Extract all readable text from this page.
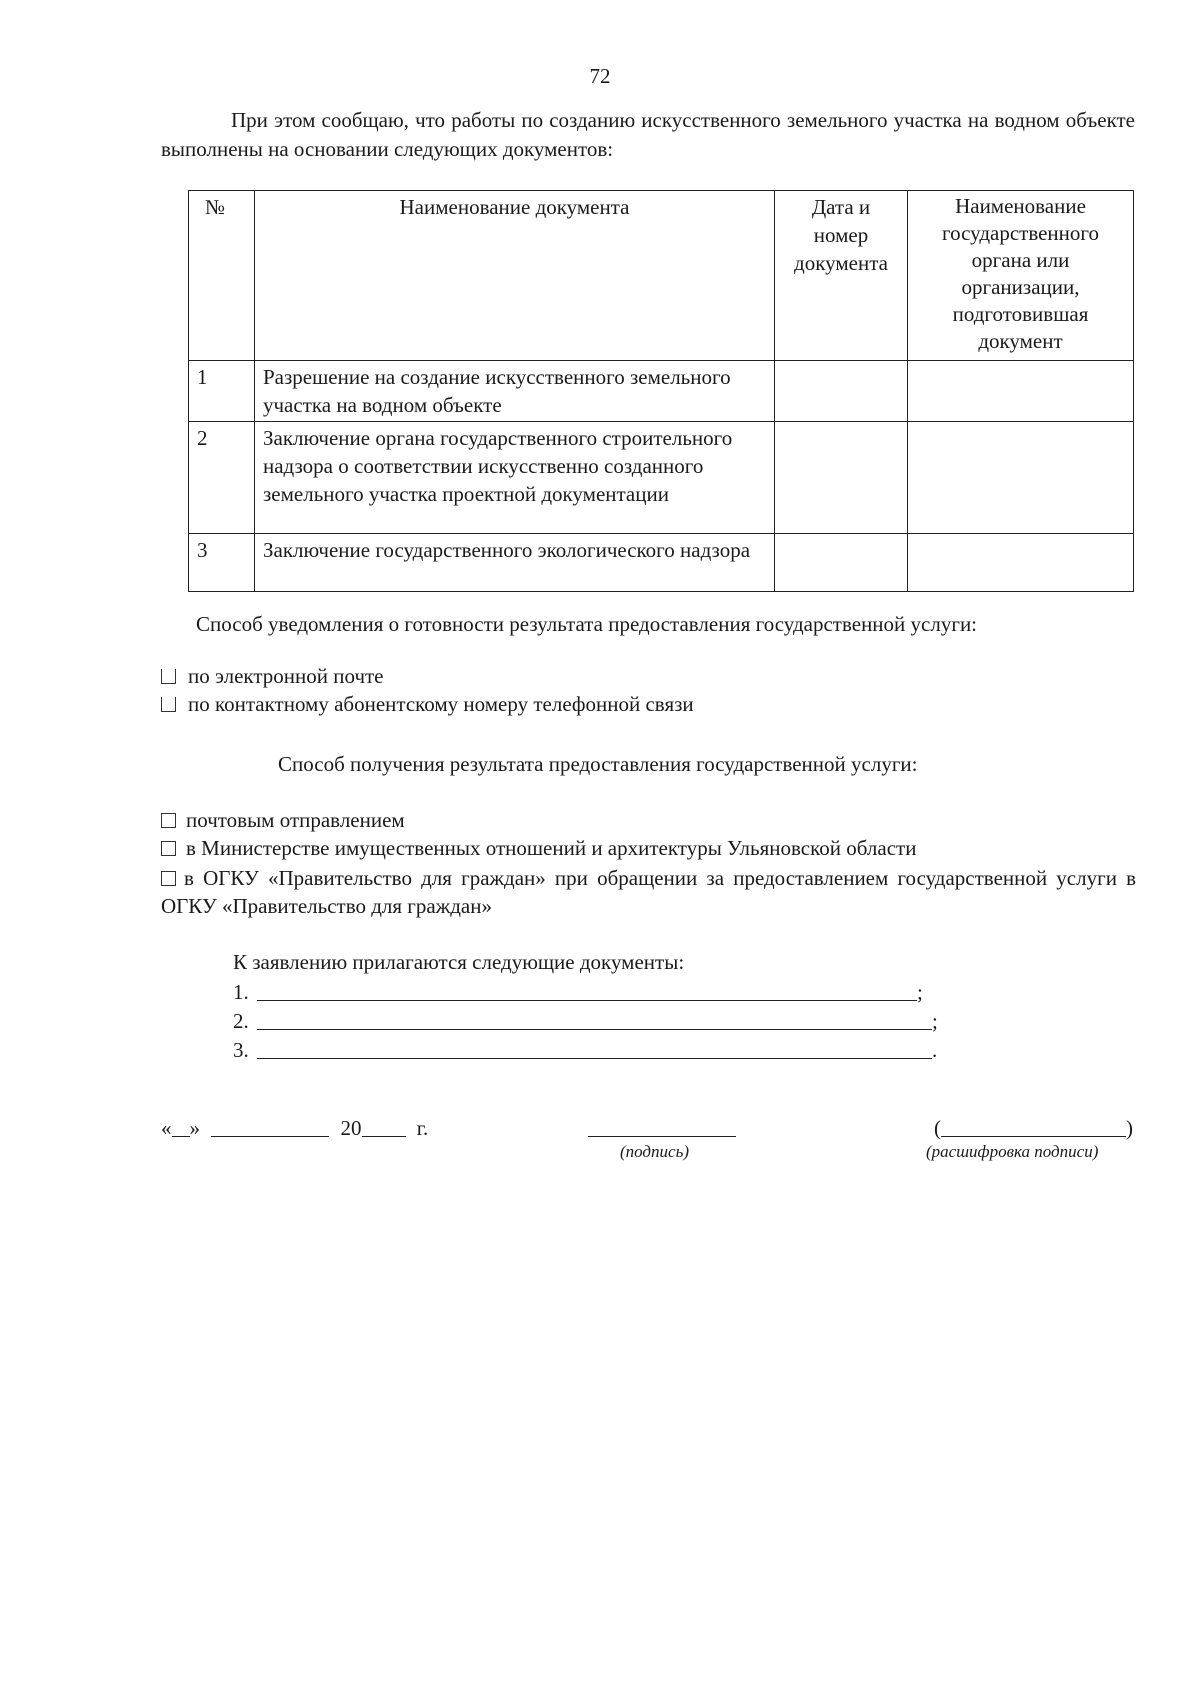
72
При этом сообщаю, что работы по созданию искусственного земельного участка на водном объекте выполнены на основании следующих документов:
№	Наименование документа	Дата и номер документа	Наименование государственного органа или организации, подготовившая документ
1	Разрешение на создание искусственного земельного участка на водном объекте		
2	Заключение органа государственного строительного надзора о соответствии искусственно созданного земельного участка проектной документации		
3	Заключение государственного экологического надзора		
Способ уведомления о готовности результата предоставления государственной услуги:
по электронной почте
по контактному абонентскому номеру телефонной связи
Способ получения результата предоставления государственной услуги:
почтовым отправлением
в Министерстве имущественных отношений и архитектуры Ульяновской области
в ОГКУ «Правительство для граждан» при обращении за предоставлением государственной услуги в ОГКУ «Правительство для граждан»
К заявлению прилагаются следующие документы:
1.	;
2.	;
3.	.
« »	20	г.
(подпись)
(	)
(расшифровка подписи)
